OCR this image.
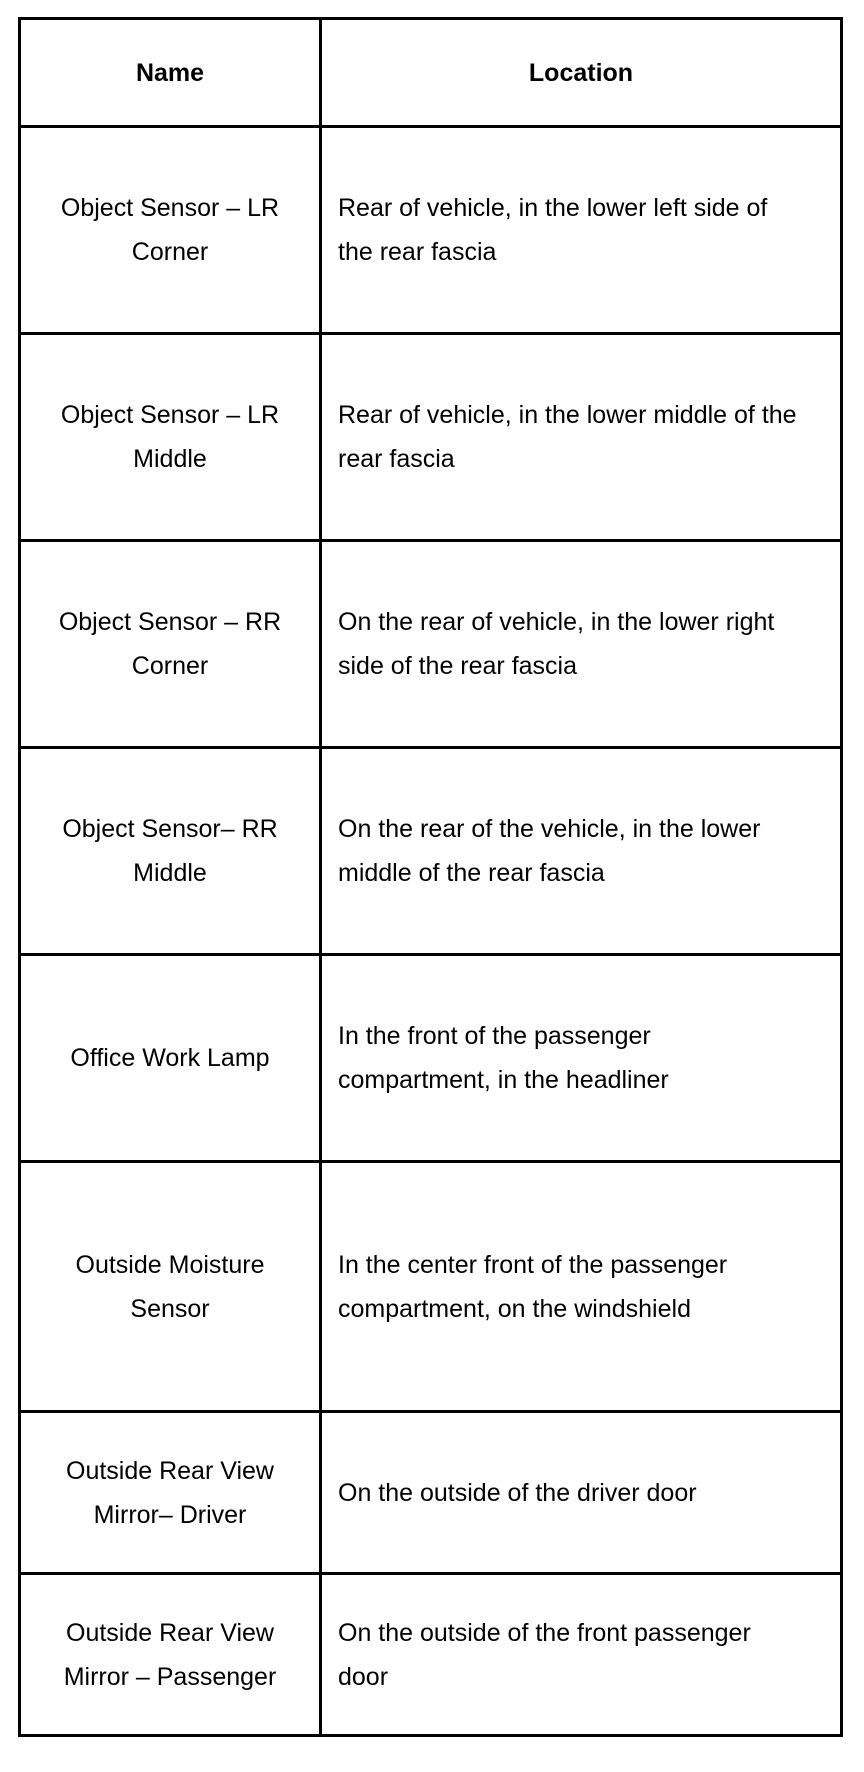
Name	Location
Object Sensor – LR Corner	Rear of vehicle, in the lower left side of the rear fascia
Object Sensor – LR Middle	Rear of vehicle, in the lower middle of the rear fascia
Object Sensor – RR Corner	On the rear of vehicle, in the lower right side of the rear fascia
Object Sensor– RR Middle	On the rear of the vehicle, in the lower middle of the rear fascia
Office Work Lamp	In the front of the passenger compartment, in the headliner
Outside Moisture Sensor	In the center front of the passenger compartment, on the windshield
Outside Rear View Mirror– Driver	On the outside of the driver door
Outside Rear View Mirror – Passenger	On the outside of the front passenger door
